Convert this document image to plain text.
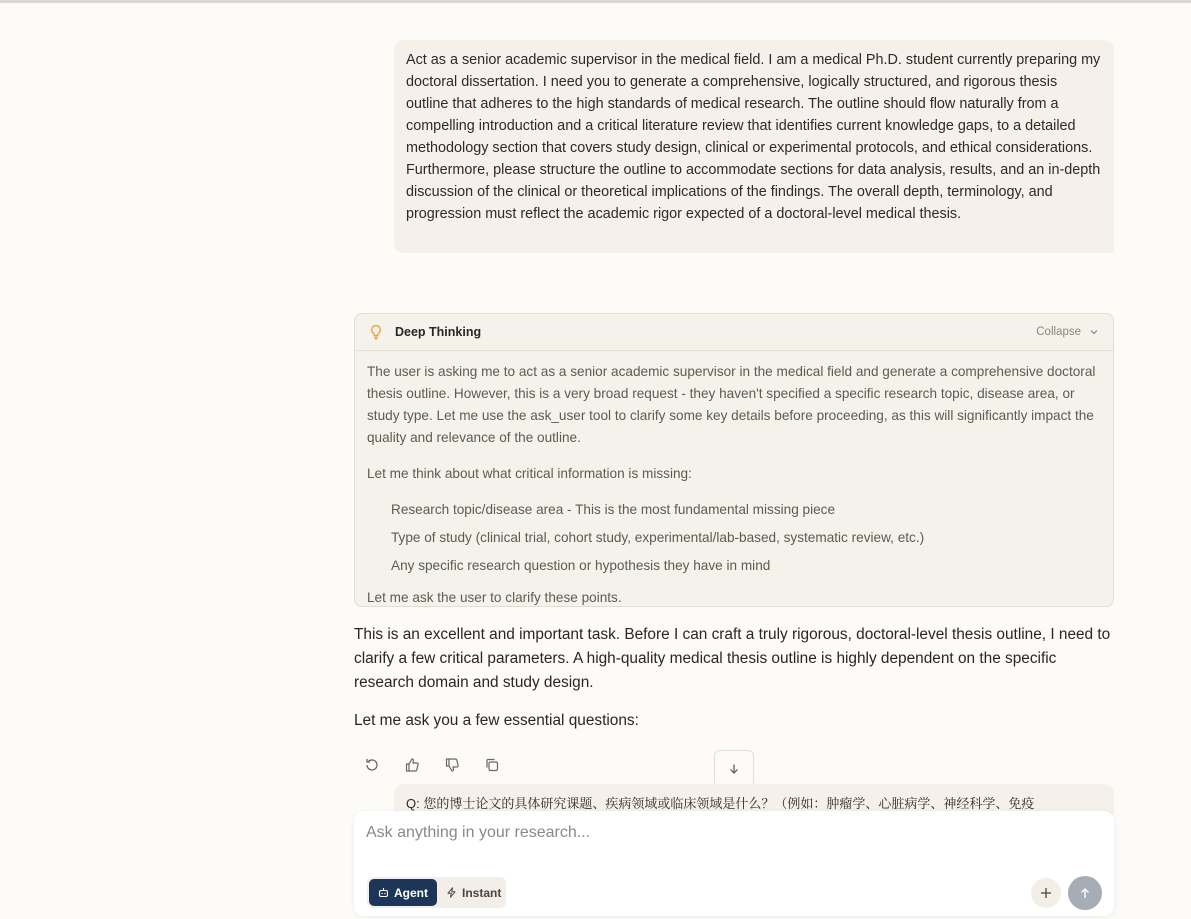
Act as a senior academic supervisor in the medical field. I am a medical Ph.D. student currently preparing my doctoral dissertation. I need you to generate a comprehensive, logically structured, and rigorous thesis outline that adheres to the high standards of medical research. The outline should flow naturally from a compelling introduction and a critical literature review that identifies current knowledge gaps, to a detailed methodology section that covers study design, clinical or experimental protocols, and ethical considerations. Furthermore, please structure the outline to accommodate sections for data analysis, results, and an in-depth discussion of the clinical or theoretical implications of the findings. The overall depth, terminology, and progression must reflect the academic rigor expected of a doctoral-level medical thesis.
Deep Thinking	Collapse

The user is asking me to act as a senior academic supervisor in the medical field and generate a comprehensive doctoral thesis outline. However, this is a very broad request - they haven't specified a specific research topic, disease area, or study type. Let me use the ask_user tool to clarify some key details before proceeding, as this will significantly impact the quality and relevance of the outline.

Let me think about what critical information is missing:

Research topic/disease area - This is the most fundamental missing piece
Type of study (clinical trial, cohort study, experimental/lab-based, systematic review, etc.)
Any specific research question or hypothesis they have in mind

Let me ask the user to clarify these points.

This is an excellent and important task. Before I can craft a truly rigorous, doctoral-level thesis outline, I need to clarify a few critical parameters. A high-quality medical thesis outline is highly dependent on the specific research domain and study design.

Let me ask you a few essential questions:

Q: 您的博士论文的具体研究课题、疾病领域或临床领域是什么？（例如：肿瘤学、心脏病学、神经科学、免疫
Ask anything in your research...
Agent	Instant
